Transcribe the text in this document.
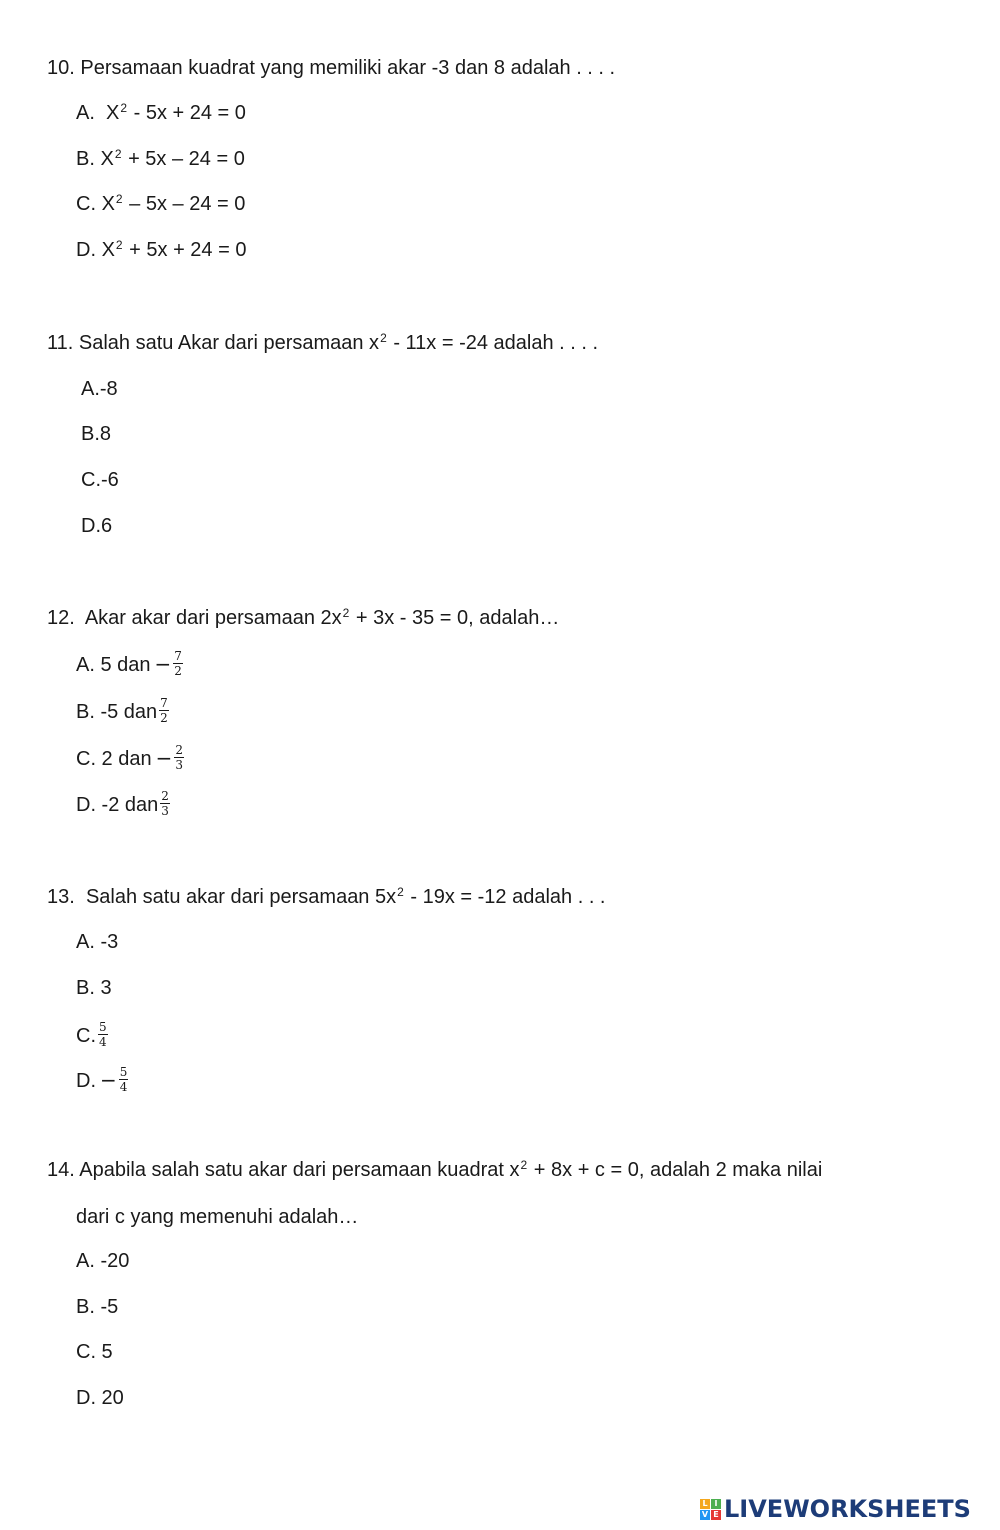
10. Persamaan kuadrat yang memiliki akar -3 dan 8 adalah . . . .
A. $X^2 - 5x + 24 = 0$
B. $X^2 + 5x - 24 = 0$
C. $X^2 - 5x - 24 = 0$
D. $X^2 + 5x + 24 = 0$
11. Salah satu Akar dari persamaan $x^2 - 11x = -24$ adalah . . . .
A.-8
B.8
C.-6
D.6
12. Akar akar dari persamaan $2x^2 + 3x - 35 = 0$, adalah…
A. 5 dan − $\frac{7}{2}$
B. -5 dan $\frac{7}{2}$
C. 2 dan − $\frac{2}{3}$
D. -2 dan $\frac{2}{3}$
13. Salah satu akar dari persamaan $5x^2 - 19x = -12$ adalah . . .
A. -3
B. 3
C. $\frac{5}{4}$
D. − $\frac{5}{4}$
14. Apabila salah satu akar dari persamaan kuadrat $x^2 + 8x + c = 0$, adalah 2 maka nilai
dari c yang memenuhi adalah…
A. -20
B. -5
C. 5
D. 20
L I
V E LIVEWORKSHEETS
